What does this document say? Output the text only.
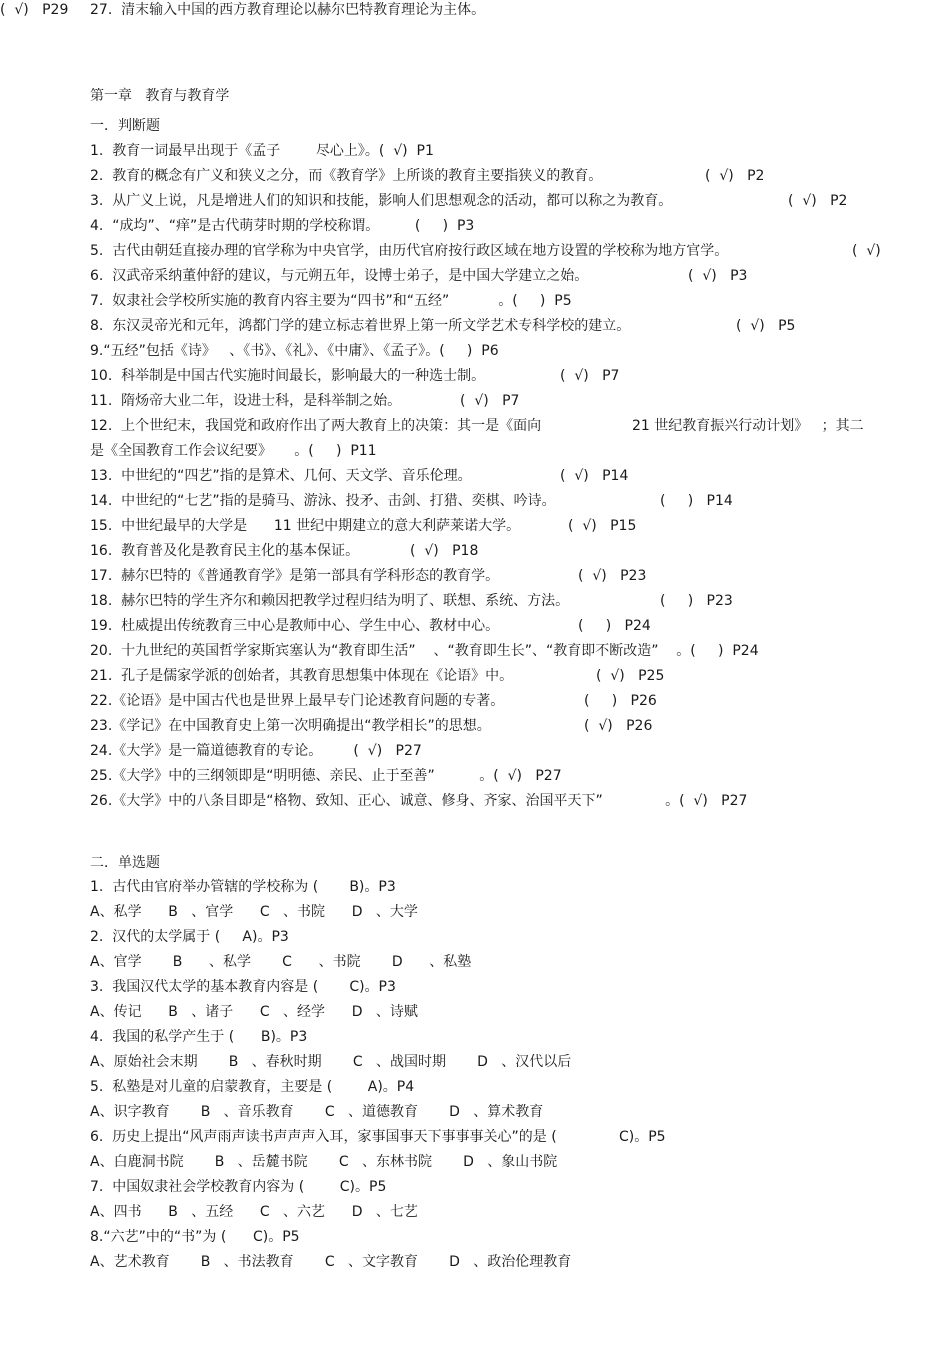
第一章   教育与教育学
一．判断题
1.  教育一词最早出现于《孟子        尽心上》。(  √)  P1
2.  教育的概念有广义和狭义之分，而《教育学》上所谈的教育主要指狭义的教育。	(  √)   P2
3.  从广义上说，凡是增进人们的知识和技能，影响人们思想观念的活动，都可以称之为教育。	(  √)   P2
4.  “成均”、“痒”是古代萌芽时期的学校称谓。        (     )  P3
5.  古代由朝廷直接办理的官学称为中央官学，由历代官府按行政区域在地方设置的学校称为地方官学。	(  √)
6.  汉武帝采纳董仲舒的建议，与元朔五年，设博士弟子，是中国大学建立之始。	(  √)   P3
7.  奴隶社会学校所实施的教育内容主要为“四书”和“五经”           。(     )  P5
8.  东汉灵帝光和元年，鸿都门学的建立标志着世界上第一所文学艺术专科学校的建立。	(  √)   P5
9.“五经”包括《诗》   、《书》、《礼》、《中庸》、《孟子》。(     )  P6
10.  科举制是中国古代实施时间最长，影响最大的一种选士制。	(  √)   P7
11.  隋炀帝大业二年，设进士科，是科举制之始。	(  √)   P7
12.  上个世纪末，我国党和政府作出了两大教育上的决策：其一是《面向	21 世纪教育振兴行动计划》   ；其二
是《全国教育工作会议纪要》     。(     )  P11
13.  中世纪的“四艺”指的是算术、几何、天文学、音乐伦理。	(  √)   P14
14.  中世纪的“七艺”指的是骑马、游泳、投矛、击剑、打猎、奕棋、吟诗。	(     )   P14
15.  中世纪最早的大学是      11 世纪中期建立的意大利萨莱诺大学。	(  √)   P15
16.  教育普及化是教育民主化的基本保证。	(  √)   P18
17.  赫尔巴特的《普通教育学》是第一部具有学科形态的教育学。	(  √)   P23
18.  赫尔巴特的学生齐尔和赖因把教学过程归结为明了、联想、系统、方法。	(     )   P23
19.  杜威提出传统教育三中心是教师中心、学生中心、教材中心。	(     )   P24
20.  十九世纪的英国哲学家斯宾塞认为“教育即生活”    、“教育即生长”、“教育即不断改造”    。(     )  P24
21.  孔子是儒家学派的创始者，其教育思想集中体现在《论语》中。	(  √)   P25
22.《论语》是中国古代也是世界上最早专门论述教育问题的专著。	(     )   P26
23.《学记》在中国教育史上第一次明确提出“教学相长”的思想。	(  √)   P26
24.《大学》是一篇道德教育的专论。       (  √)   P27
25.《大学》中的三纲领即是“明明德、亲民、止于至善”          。(  √)   P27
26.《大学》中的八条目即是“格物、致知、正心、诚意、修身、齐家、治国平天下”              。(  √)   P27
27.  清末输入中国的西方教育理论以赫尔巴特教育理论为主体。
(  √)   P29
二．单选题
1.  古代由官府举办管辖的学校称为 (       B)。P3
A、私学      B   、官学      C   、书院      D   、大学
2.  汉代的太学属于 (     A)。P3
A、官学       B      、私学       C      、书院       D      、私塾
3.  我国汉代太学的基本教育内容是 (       C)。P3
A、传记      B   、诸子      C   、经学      D   、诗赋
4.  我国的私学产生于 (      B)。P3
A、原始社会末期       B   、春秋时期       C   、战国时期       D   、汉代以后
5.  私塾是对儿童的启蒙教育，主要是 (        A)。P4
A、识字教育       B   、音乐教育       C   、道德教育       D   、算术教育
6.  历史上提出“风声雨声读书声声声入耳，家事国事天下事事事关心”的是 (              C)。P5
A、白鹿洞书院       B   、岳麓书院       C   、东林书院       D   、象山书院
7.  中国奴隶社会学校教育内容为 (        C)。P5
A、四书      B   、五经      C   、六艺      D   、七艺
8.“六艺”中的“书”为 (      C)。P5
A、艺术教育       B   、书法教育       C   、文字教育       D   、政治伦理教育
